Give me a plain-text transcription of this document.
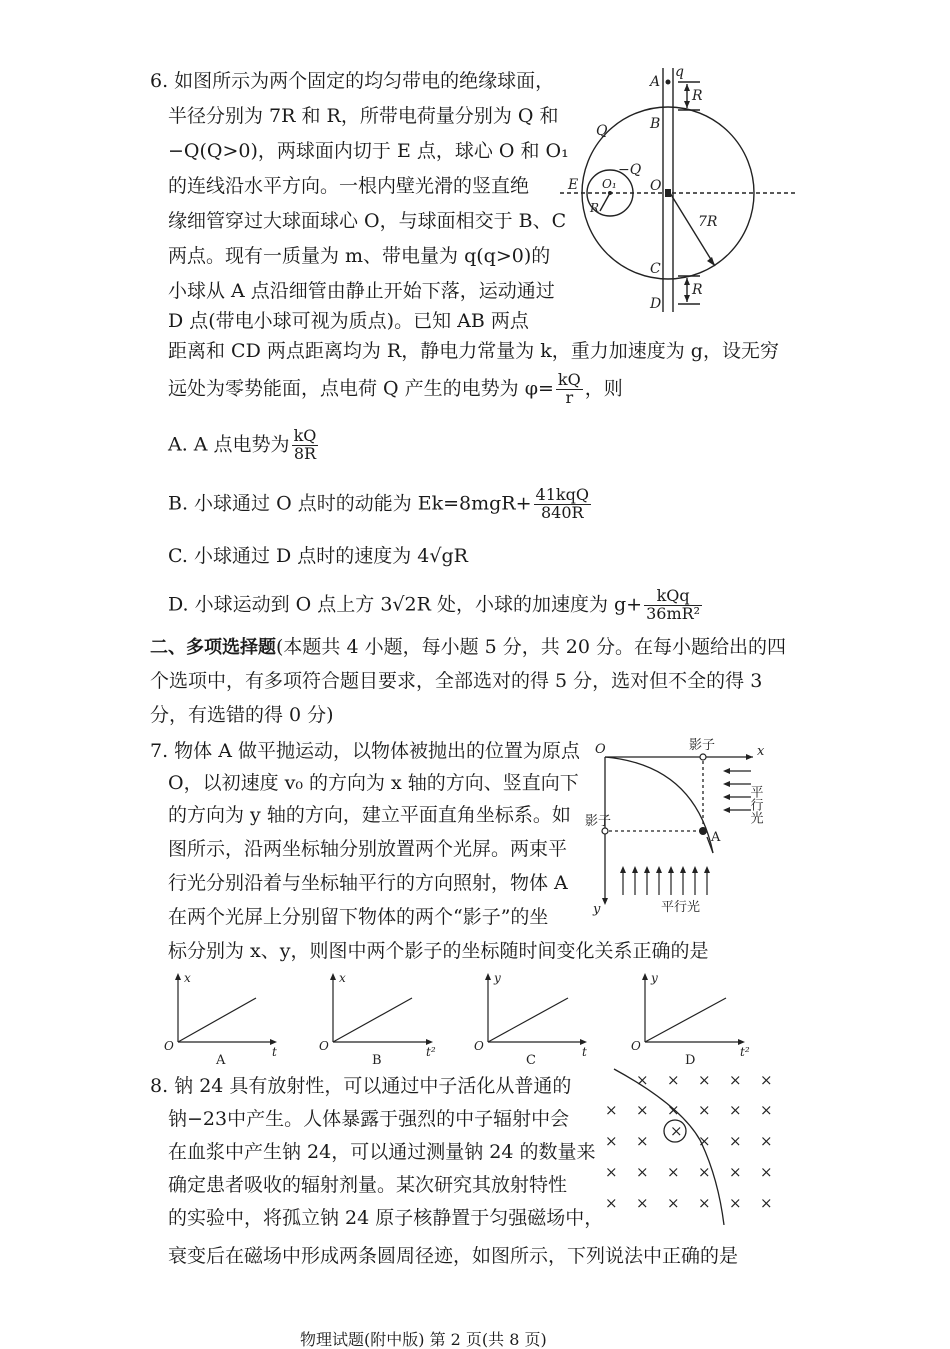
6. 如图所示为两个固定的均匀带电的绝缘球面，
半径分别为 7R 和 R，所带电荷量分别为 Q 和
−Q(Q>0)，两球面内切于 E 点，球心 O 和 O₁
的连线沿水平方向。一根内壁光滑的竖直绝
缘细管穿过大球面球心 O，与球面相交于 B、C
两点。现有一质量为 m、带电量为 q(q>0)的
小球从 A 点沿细管由静止开始下落，运动通过
D 点(带电小球可视为质点)。已知 AB 两点
距离和 CD 两点距离均为 R，静电力常量为 k，重力加速度为 g，设无穷
远处为零势能面，点电荷 Q 产生的电势为 $\varphi= \frac{kQ}{r}$ ，则
A. A 点电势为 $\frac{kQ}{8R}$
B. 小球通过 O 点时的动能为 $Ek=8mgR+ \frac{\text{41kqQ}}{840R}$
C. 小球通过 D 点时的速度为 4√gR
D. 小球运动到 O 点上方 3√2R 处，小球的加速度为 $g+ \frac{\text{kQq}}{\text{36mR²}}$
A
q
R
B
Q
−Q
E O₁ O
R
7R
C
D
R
二、多项选择题(本题共 4 小题，每小题 5 分，共 20 分。在每小题给出的四
个选项中，有多项符合题目要求，全部选对的得 5 分，选对但不全的得 3
分，有选错的得 0 分)
7. 物体 A 做平抛运动，以物体被抛出的位置为原点
O，以初速度 v₀ 的方向为 x 轴的方向、竖直向下
的方向为 y 轴的方向，建立平面直角坐标系。如
图所示，沿两坐标轴分别放置两个光屏。两束平
行光分别沿着与坐标轴平行的方向照射，物体 A
在两个光屏上分别留下物体的两个“影子”的坐
标分别为 x、y，则图中两个影子的坐标随时间变化关系正确的是
O	影子	x
影子
A
y	平行光
平行光
x
t
O
x
t²
O
y
t
O
y
t²
O
A	B	C	D
8. 钠 24 具有放射性，可以通过中子活化从普通的
钠−23中产生。人体暴露于强烈的中子辐射中会
在血浆中产生钠 24，可以通过测量钠 24 的数量来
确定患者吸收的辐射剂量。某次研究其放射特性
的实验中，将孤立钠 24 原子核静置于匀强磁场中，
衰变后在磁场中形成两条圆周径迹，如图所示，下列说法中正确的是
× × × × ×
× × × × × ×
× ×	× × ×
× × × × × ×
× × × × × ×
×
物理试题(附中版) 第 2 页(共 8 页)
